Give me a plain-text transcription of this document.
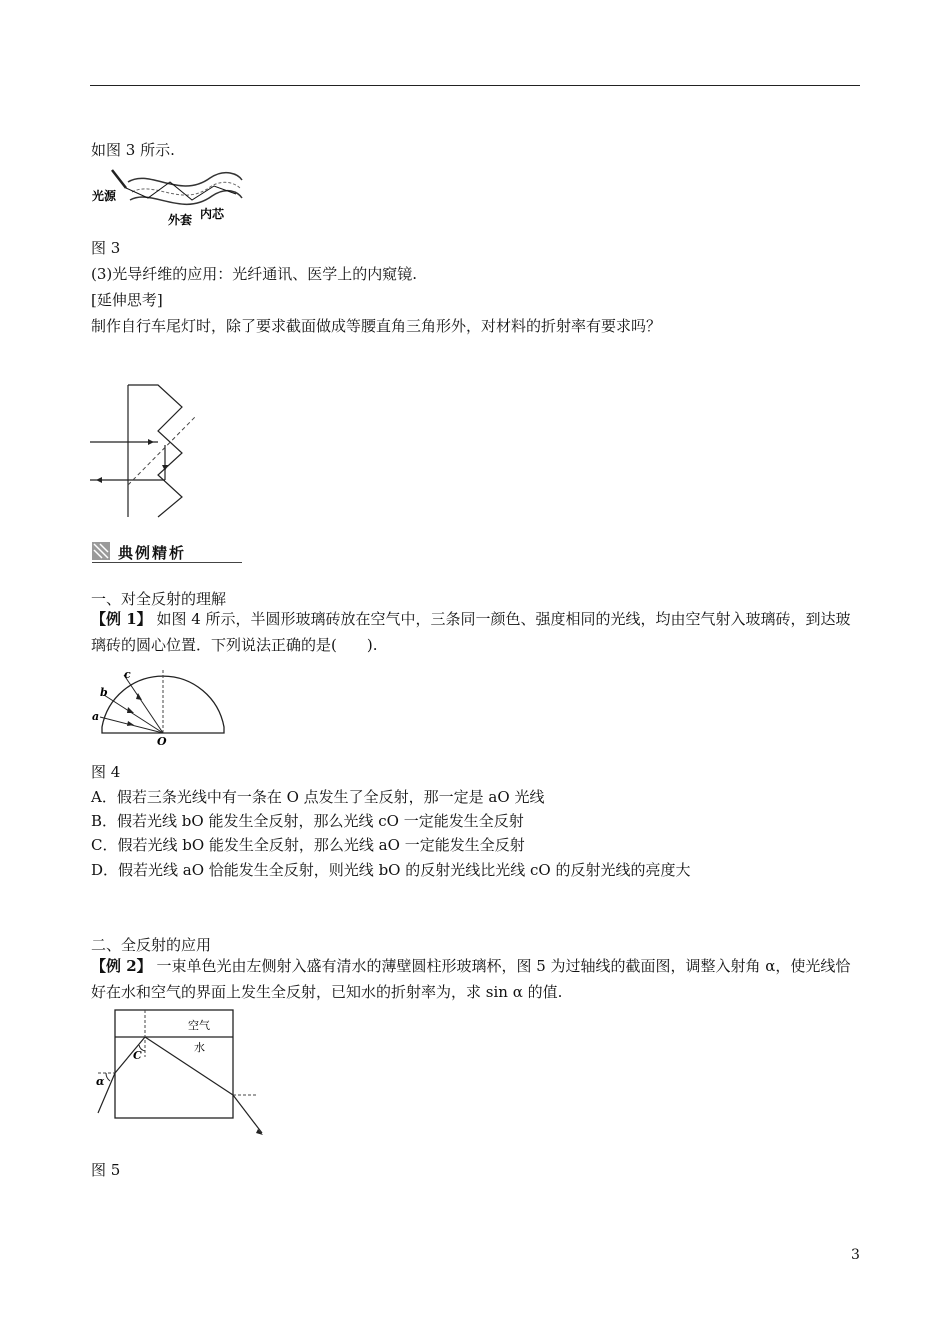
如图 3 所示.
光源
外套 内芯
图 3
(3)光导纤维的应用：光纤通讯、医学上的内窥镜.
[延伸思考]
制作自行车尾灯时，除了要求截面做成等腰直角三角形外，对材料的折射率有要求吗？
典例精析
一、对全反射的理解
【例 1】 如图 4 所示，半圆形玻璃砖放在空气中，三条同一颜色、强度相同的光线，均由空气射入玻璃砖，到达玻璃砖的圆心位置．下列说法正确的是(　　).
c
b
a
O
图 4
A．假若三条光线中有一条在 O 点发生了全反射，那一定是 aO 光线
B．假若光线 bO 能发生全反射，那么光线 cO 一定能发生全反射
C．假若光线 bO 能发生全反射，那么光线 aO 一定能发生全反射
D．假若光线 aO 恰能发生全反射，则光线 bO 的反射光线比光线 cO 的反射光线的亮度大
二、全反射的应用
【例 2】 一束单色光由左侧射入盛有清水的薄壁圆柱形玻璃杯，图 5 为过轴线的截面图，调整入射角 α，使光线恰好在水和空气的界面上发生全反射，已知水的折射率为，求 sin α 的值.
空气
水
C
α
图 5
3
